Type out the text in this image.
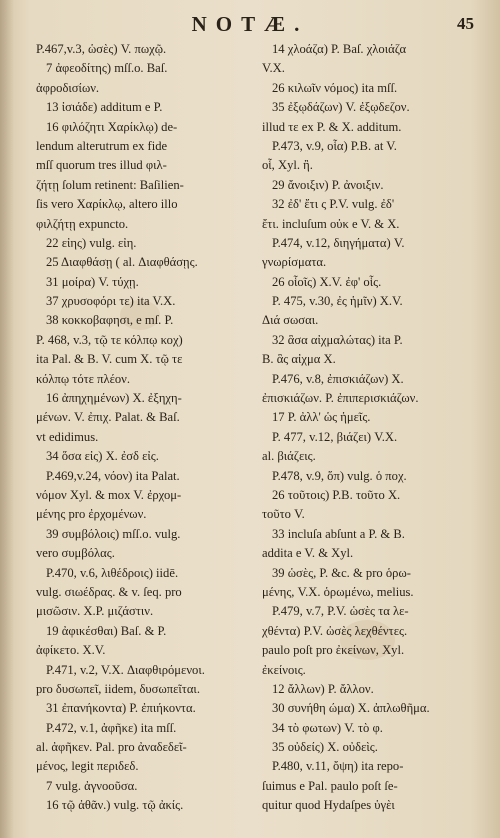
NOTÆ.	45
P.467,v.3, ὡσὲς) V. πωχῷ.
7 ἀφεοδίτης) mſſ.o. Baſ.
ἀφροδισίων.
13 ἰσιάδε) additum e P.
16 φιλόζητι Χαρίκλῳ) de-
lendum alterutrum ex fide
mſſ quorum tres illud φιλ-
ζήτῃ ſolum retinent: Baſilien-
ſis vero Χαρίκλῳ, altero illo
φιλζήτῃ expuncto.
22 εἰης) vulg. εἰη.
25 Διαφθάσῃ ( al. Διαφθάσῃς.
31 μοίρα) V. τύχῃ.
37 χρυσοφόρι τε) ita V.X.
38 κοκκοβαφησι, e mſ. P.
P. 468, v.3, τῷ τε κόλπῳ κοχ)
ita Pal. & B. V. cum X. τῷ τε
κόλπῳ τότε πλέον.
16 ἀπηχημένων) X. ἐξηχη-
μένων. V. ἐπιχ. Palat. & Baſ.
vt edidimus.
34 ὅσα εἰς) X. ἐσδ εἰς.
P.469,v.24, νόον) ita Palat.
νόμον Xyl. & mox V. ἐρχομ-
μένης pro ἐρχομένων.
39 συμβόλοις) mſſ.o. vulg.
vero συμβόλας.
P.470, v.6, λιθέδροις) iidē.
vulg. σιωέδρας. & v. ſeq. pro
μισῶσιν. X.P. μιζάστιν.
19 ἀφικέσθαι) Baſ. & P.
ἀφίκετο. X.V.
P.471, v.2, V.X. Διαφθιρόμενοι.
pro δυσωπεῖ, iidem, δυσωπεῖται.
31 ἐπανήκοντα) P. ἐπιήκοντα.
P.472, v.1, ἀφῆκε) ita mſſ.
al. ἀφῆκεν. Pal. pro ἀναδεδεῖ-
μένος, legit περιδεδ.
7 vulg. ἀγνοοῦσα.
16 τῷ ἀθᾶν.) vulg. τῷ ἀκίς.
14 χλοάζα) P. Baſ. χλοιάζα
V.X.
26 κιλωῖν νόμος) ita mſſ.
35 ἐξῳδάζων) V. ἐξῳδεζον.
illud τε ex P. & X. additum.
P.473, v.9, οἷα) P.B. at V.
οἷ, Xyl. ἢ.
29 ἄνοιξιν) P. ἀνοιξιν.
32 ἐδ' ἔτι ς P.V. vulg. ἐδ'
ἔτι. incluſum οὐκ e V. & X.
P.474, v.12, διηγήματα) V.
γνωρίσματα.
26 οἷοῖς) X.V. ἐφ' οἷς.
P. 475, v.30, ἐς ἡμῖν) X.V.
Διά σωσαι.
32 ἃσα αἰχμαλώτας) ita P.
B. ἃς αἰχμα X.
P.476, v.8, ἐπισκιάζων) X.
ἐπισκιάζων. P. ἐπιπερισκιάζων.
17 P. ἀλλ' ὡς ἡμεῖς.
P. 477, v.12, βιάζει) V.X.
al. βιάζεις.
P.478, v.9, ὅπ) vulg. ὁ ποχ.
26 τοῦτοις) P.B. τοῦτο X.
τοῦτο V.
33 incluſa abſunt a P. & B.
addita e V. & Xyl.
39 ὡσὲς, P. &c. & pro ὁρω-
μένης, V.X. ὁρωμένω, melius.
P.479, v.7, P.V. ὡσὲς τα λε-
χθέντα) P.V. ὡσὲς λεχθέντες.
paulo poſt pro ἐκείνων, Xyl.
ἐκείνοις.
12 ἄλλων) P. ἄλλον.
30 συνήθη ώμα) X. ἀπλωθῆμα.
34 τὸ φωτων) V. τὸ φ.
35 οὐδείς) X. οὐδεὶς.
P.480, v.11, ὄψη) ita repo-
ſuimus e Pal. paulo poſt ſe-
quitur quod Hydaſpes ὑγὲι
